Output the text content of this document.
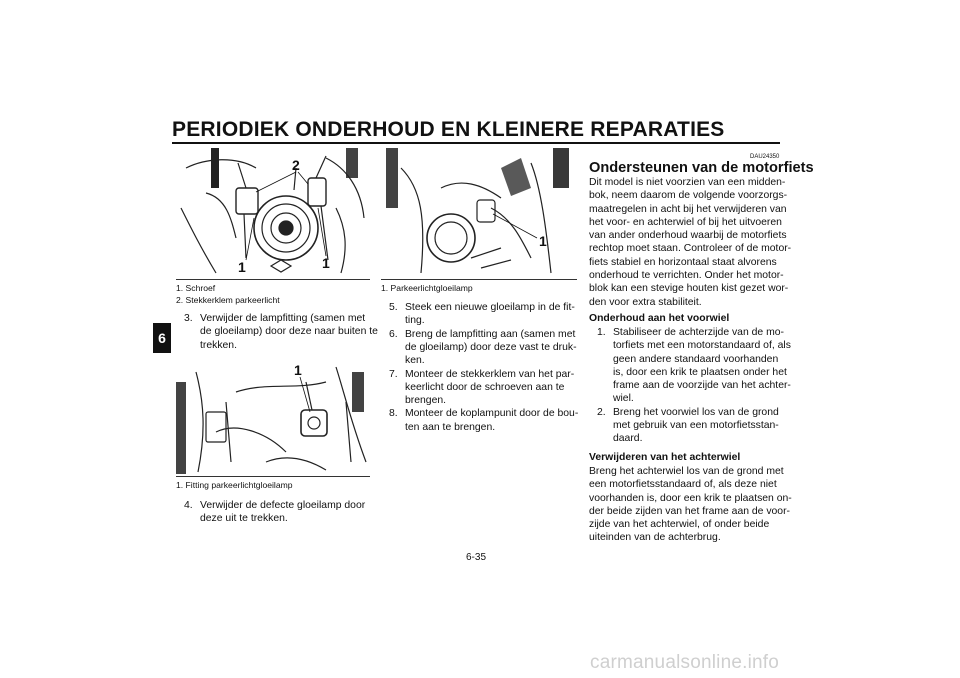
PERIODIEK ONDERHOUD EN KLEINERE REPARATIES
6
2
1	1
1. Schroef
2. Stekkerklem parkeerlicht
3. Verwijder de lampfitting (samen met
de gloeilamp) door deze naar buiten te
trekken.
1
1. Fitting parkeerlichtgloeilamp
4. Verwijder de defecte gloeilamp door
deze uit te trekken.
1
1. Parkeerlichtgloeilamp
5. Steek een nieuwe gloeilamp in de fit-
ting.
6. Breng de lampfitting aan (samen met
de gloeilamp) door deze vast te druk-
ken.
7. Monteer de stekkerklem van het par-
keerlicht door de schroeven aan te
brengen.
8. Monteer de koplampunit door de bou-
ten aan te brengen.
DAU24350
Ondersteunen van de motorfiets
Dit model is niet voorzien van een midden-
bok, neem daarom de volgende voorzorgs-
maatregelen in acht bij het verwijderen van
het voor- en achterwiel of bij het uitvoeren
van ander onderhoud waarbij de motorfiets
rechtop moet staan. Controleer of de motor-
fiets stabiel en horizontaal staat alvorens
onderhoud te verrichten. Onder het motor-
blok kan een stevige houten kist gezet wor-
den voor extra stabiliteit.
Onderhoud aan het voorwiel
1. Stabiliseer de achterzijde van de mo-
torfiets met een motorstandaard of, als
geen andere standaard voorhanden
is, door een krik te plaatsen onder het
frame aan de voorzijde van het achter-
wiel.
2. Breng het voorwiel los van de grond
met gebruik van een motorfietsstan-
daard.
Verwijderen van het achterwiel
Breng het achterwiel los van de grond met
een motorfietsstandaard of, als deze niet
voorhanden is, door een krik te plaatsen on-
der beide zijden van het frame aan de voor-
zijde van het achterwiel, of onder beide
uiteinden van de achterbrug.
6-35
carmanualsonline.info
